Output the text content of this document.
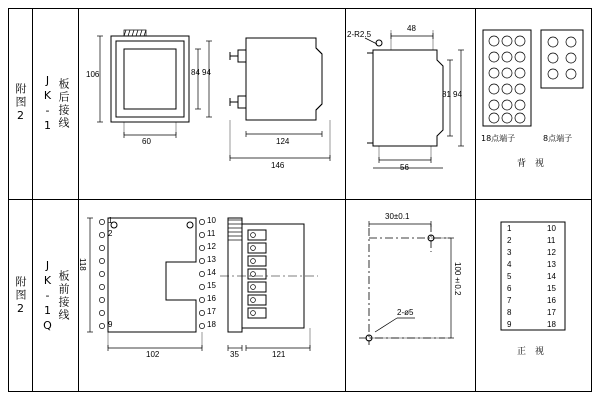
附图2 JK-1 板后接线
106	84 94
60	124
146
2-R2.5
48
81 94
56
18点端子	8点端子
背　视
附图2 JK-1Q 板前接线
118
102	35	121
1
2
9
10
11
12
13
14
15
16
17
18
30±0.1
100±0.2
2-ø5
1
2
3
4
5
6
7
8
9
10
11
12
13
14
15
16
17
18
正　视
